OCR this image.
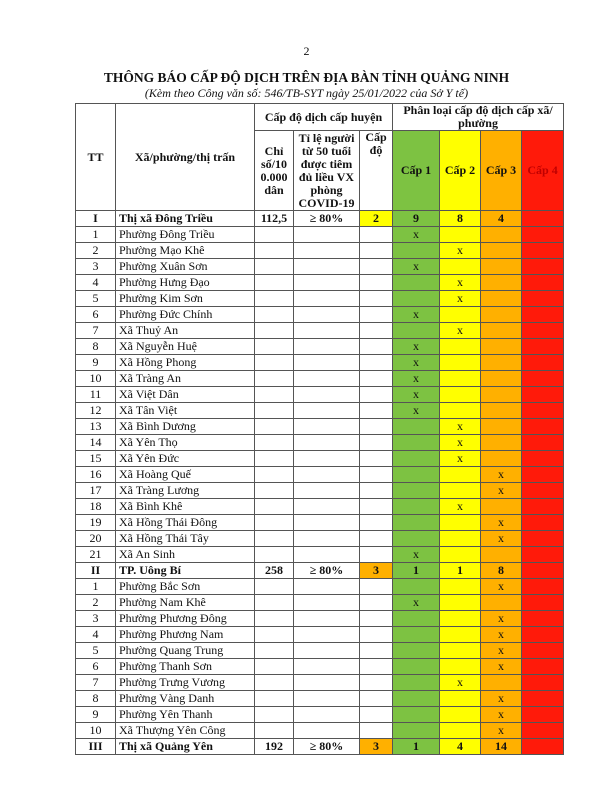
2
THÔNG BÁO CẤP ĐỘ DỊCH TRÊN ĐỊA BÀN TỈNH QUẢNG NINH
(Kèm theo Công văn số: 546/TB-SYT ngày 25/01/2022 của Sở Y tế)
TT	Xã/phường/thị trấn	Cấp độ dịch cấp huyện			Phân loại cấp độ dịch cấp xã/ phường			
		Chỉ số/10 0.000 dân	Tỉ lệ người từ 50 tuổi được tiêm đủ liều VX phòng COVID-19	Cấp độ	Cấp 1	Cấp 2	Cấp 3	Cấp 4
I	Thị xã Đông Triều	112,5	≥ 80%	2	9	8	4	
1	Phường Đông Triều				x			
2	Phường Mạo Khê					x		
3	Phường Xuân Sơn				x			
4	Phường Hưng Đạo					x		
5	Phường Kim Sơn					x		
6	Phường Đức Chính				x			
7	Xã Thuỷ An					x		
8	Xã Nguyễn Huệ				x			
9	Xã Hồng Phong				x			
10	Xã Tràng An				x			
11	Xã Việt Dân				x			
12	Xã Tân Việt				x			
13	Xã Bình Dương					x		
14	Xã Yên Thọ					x		
15	Xã Yên Đức					x		
16	Xã Hoàng Quế						x	
17	Xã Tràng Lương						x	
18	Xã Bình Khê					x		
19	Xã Hồng Thái Đông						x	
20	Xã Hồng Thái Tây						x	
21	Xã An Sinh				x			
II	TP. Uông Bí	258	≥ 80%	3	1	1	8	
1	Phường Bắc Sơn						x	
2	Phường Nam Khê				x			
3	Phường Phương Đông						x	
4	Phường Phương Nam						x	
5	Phường Quang Trung						x	
6	Phường Thanh Sơn						x	
7	Phường Trưng Vương					x		
8	Phường Vàng Danh						x	
9	Phường Yên Thanh						x	
10	Xã Thượng Yên Công						x	
III	Thị xã Quảng Yên	192	≥ 80%	3	1	4	14	
